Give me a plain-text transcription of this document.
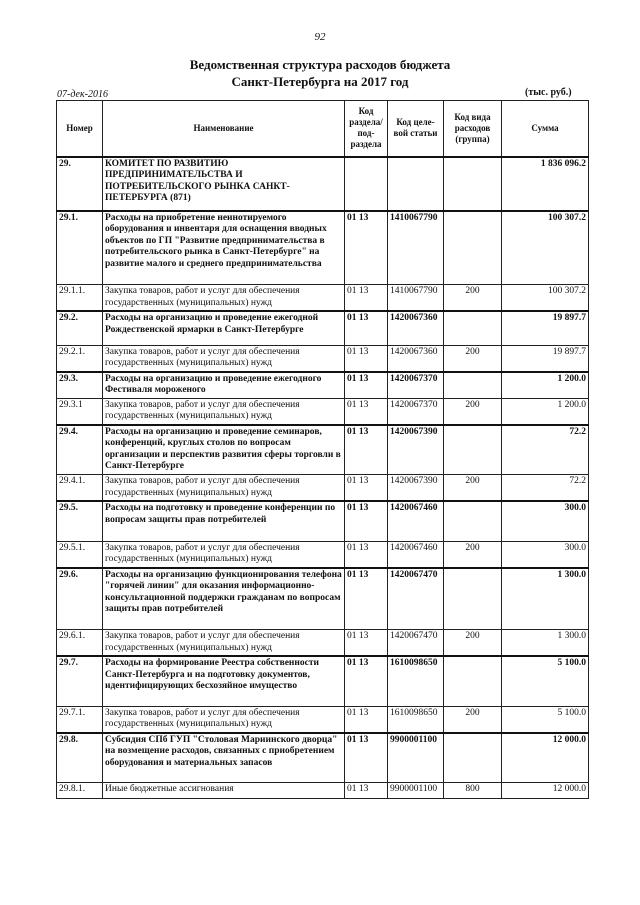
92
Ведомственная структура расходов бюджета
Санкт-Петербурга на 2017 год
07-дек-2016	(тыс. руб.)
Номер	Наименование	Код раздела/ под- раздела	Код целе- вой статьи	Код вида расходов (группа)	Сумма
29.	КОМИТЕТ ПО РАЗВИТИЮ ПРЕДПРИНИМАТЕЛЬСТВА И ПОТРЕБИТЕЛЬСКОГО РЫНКА САНКТ-ПЕТЕРБУРГА (871)				1 836 096.2
29.1.	Расходы на приобретение неинотируемого оборудования и инвентаря для оснащения вводных объектов по ГП "Развитие предпринимательства в потребительского рынка в Санкт-Петербурге" на развитие малого и среднего предпринимательства	01 13	1410067790		100 307.2
29.1.1.	Закупка товаров, работ и услуг для обеспечения государственных (муниципальных) нужд	01 13	1410067790	200	100 307.2
29.2.	Расходы на организацию и проведение ежегодной Рождественской ярмарки в Санкт-Петербурге	01 13	1420067360		19 897.7
29.2.1.	Закупка товаров, работ и услуг для обеспечения государственных (муниципальных) нужд	01 13	1420067360	200	19 897.7
29.3.	Расходы на организацию и проведение ежегодного Фестиваля мороженого	01 13	1420067370		1 200.0
29.3.1	Закупка товаров, работ и услуг для обеспечения государственных (муниципальных) нужд	01 13	1420067370	200	1 200.0
29.4.	Расходы на организацию и проведение семинаров, конференций, круглых столов по вопросам организации и перспектив развития сферы торговли в Санкт-Петербурге	01 13	1420067390		72.2
29.4.1.	Закупка товаров, работ и услуг для обеспечения государственных (муниципальных) нужд	01 13	1420067390	200	72.2
29.5.	Расходы на подготовку и проведение конференции по вопросам защиты прав потребителей	01 13	1420067460		300.0
29.5.1.	Закупка товаров, работ и услуг для обеспечения государственных (муниципальных) нужд	01 13	1420067460	200	300.0
29.6.	Расходы на организацию функционирования телефона "горячей линии" для оказания информационно-консультационной поддержки гражданам по вопросам защиты прав потребителей	01 13	1420067470		1 300.0
29.6.1.	Закупка товаров, работ и услуг для обеспечения государственных (муниципальных) нужд	01 13	1420067470	200	1 300.0
29.7.	Расходы на формирование Реестра собственности Санкт-Петербурга и на подготовку документов, идентифицирующих бесхозяйное имущество	01 13	1610098650		5 100.0
29.7.1.	Закупка товаров, работ и услуг для обеспечения государственных (муниципальных) нужд	01 13	1610098650	200	5 100.0
29.8.	Субсидия СПб ГУП "Столовая Мариинского дворца" на возмещение расходов, связанных с приобретением оборудования и материальных запасов	01 13	9900001100		12 000.0
29.8.1.	Иные бюджетные ассигнования	01 13	9900001100	800	12 000.0
